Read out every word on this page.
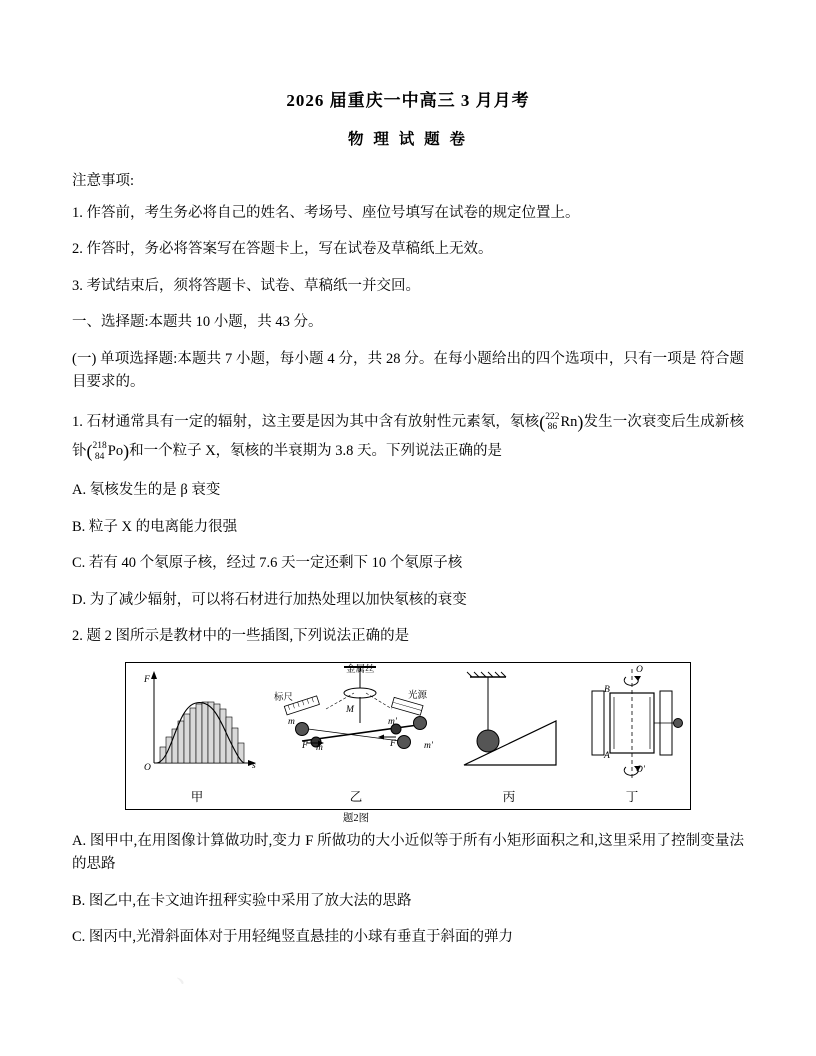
2026 届重庆一中高三 3 月月考
物 理 试 题 卷
注意事项:
1. 作答前，考生务必将自己的姓名、考场号、座位号填写在试卷的规定位置上。
2. 作答时，务必将答案写在答题卡上，写在试卷及草稿纸上无效。
3. 考试结束后，须将答题卡、试卷、草稿纸一并交回。
一、选择题:本题共 10 小题，共 43 分。
(一) 单项选择题:本题共 7 小题，每小题 4 分，共 28 分。在每小题给出的四个选项中，只有一项是 符合题目要求的。
1. 石材通常具有一定的辐射，这主要是因为其中含有放射性元素氡，氡核(222
86 Rn)发生一次衰变后生成新核钋(218
84 Po)和一个粒子 X，氡核的半衰期为 3.8 天。下列说法正确的是
A. 氡核发生的是 β 衰变
B. 粒子 X 的电离能力很强
C. 若有 40 个氡原子核，经过 7.6 天一定还剩下 10 个氡原子核
D. 为了减少辐射，可以将石材进行加热处理以加快氡核的衰变
2. 题 2 图所示是教材中的一些插图,下列说法正确的是
F
O	s
甲
金属丝
标尺	光源
m
m
m′
m′
F	F
M
乙
题2图
丙
O
O′
B
A
丁
A. 图甲中,在用图像计算做功时,变力 F 所做功的大小近似等于所有小矩形面积之和,这里采用了控制变量法的思路
B. 图乙中,在卡文迪许扭秤实验中采用了放大法的思路
C. 图丙中,光滑斜面体对于用轻绳竖直悬挂的小球有垂直于斜面的弹力
、
